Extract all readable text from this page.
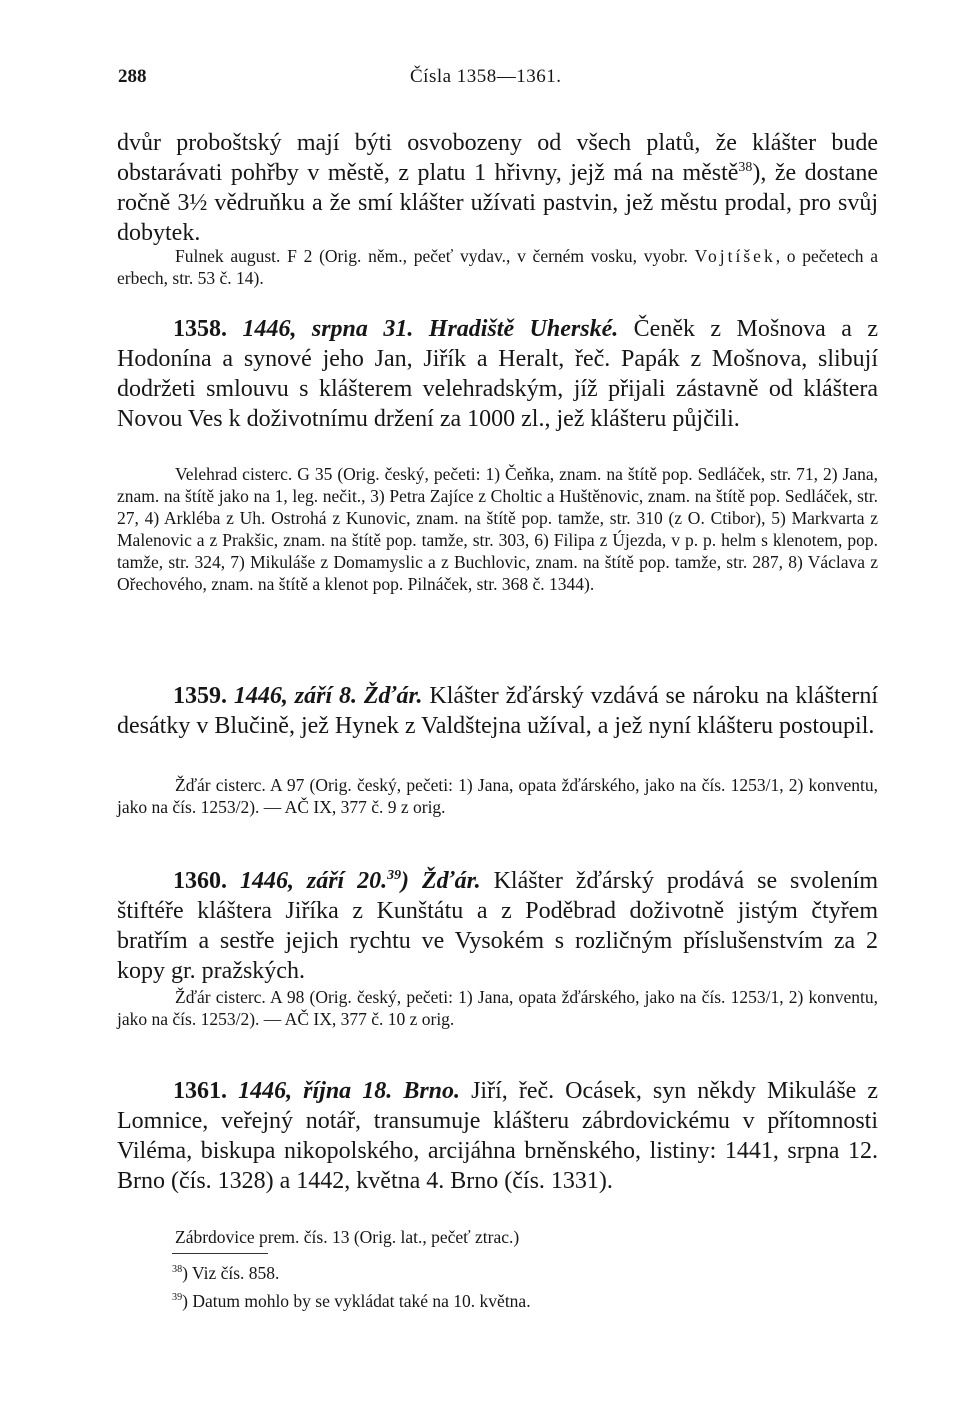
288	Čísla 1358—1361.

dvůr proboštský mají býti osvobozeny od všech platů, že klášter bude obstarávati pohřby v městě, z platu 1 hřivny, jejž má na městě$^{38}$), že dostane ročně 3½ vědruňku a že smí klášter užívati pastvin, jež městu prodal, pro svůj dobytek.

Fulnek august. F 2 (Orig. něm., pečeť vydav., v černém vosku, vyobr. Vojtíšek, o pečetech a erbech, str. 53 č. 14).

1358. 1446, srpna 31. Hradiště Uherské. Čeněk z Mošnova a z Hodonína a synové jeho Jan, Jiřík a Heralt, řeč. Papák z Mošnova, slibují dodržeti smlouvu s klášterem velehradským, jíž přijali zástavně od kláštera Novou Ves k doživotnímu držení za 1000 zl., jež klášteru půjčili.

Velehrad cisterc. G 35 (Orig. český, pečeti: 1) Čeňka, znam. na štítě pop. Sedláček, str. 71, 2) Jana, znam. na štítě jako na 1, leg. nečit., 3) Petra Zajíce z Choltic a Huštěnovic, znam. na štítě pop. Sedláček, str. 27, 4) Arkléba z Uh. Ostrohá z Kunovic, znam. na štítě pop. tamže, str. 310 (z O. Ctibor), 5) Markvarta z Malenovic a z Prakšic, znam. na štítě pop. tamže, str. 303, 6) Filipa z Újezda, v p. p. helm s klenotem, pop. tamže, str. 324, 7) Mikuláše z Domamyslic a z Buchlovic, znam. na štítě pop. tamže, str. 287, 8) Václava z Ořechového, znam. na štítě a klenot pop. Pilnáček, str. 368 č. 1344).

1359. 1446, září 8. Žďár. Klášter žďárský vzdává se nároku na klášterní desátky v Blučině, jež Hynek z Valdštejna užíval, a jež nyní klášteru postoupil.

Žďár cisterc. A 97 (Orig. český, pečeti: 1) Jana, opata žďárského, jako na čís. 1253/1, 2) konventu, jako na čís. 1253/2). — AČ IX, 377 č. 9 z orig.

1360. 1446, září 20.39) Žďár. Klášter žďárský prodává se svolením štiftéře kláštera Jiříka z Kunštátu a z Poděbrad doživotně jistým čtyřem bratřím a sestře jejich rychtu ve Vysokém s rozličným příslušenstvím za 2 kopy gr. pražských.

Žďár cisterc. A 98 (Orig. český, pečeti: 1) Jana, opata žďárského, jako na čís. 1253/1, 2) konventu, jako na čís. 1253/2). — AČ IX, 377 č. 10 z orig.

1361. 1446, října 18. Brno. Jiří, řeč. Ocásek, syn někdy Mikuláše z Lomnice, veřejný notář, transumuje klášteru zábrdovickému v přítomnosti Viléma, biskupa nikopolského, arcijáhna brněnského, listiny: 1441, srpna 12. Brno (čís. 1328) a 1442, května 4. Brno (čís. 1331).

Zábrdovice prem. čís. 13 (Orig. lat., pečeť ztrac.)
$^{38}$) Viz čís. 858.
$^{39}$) Datum mohlo by se vykládat také na 10. května.
